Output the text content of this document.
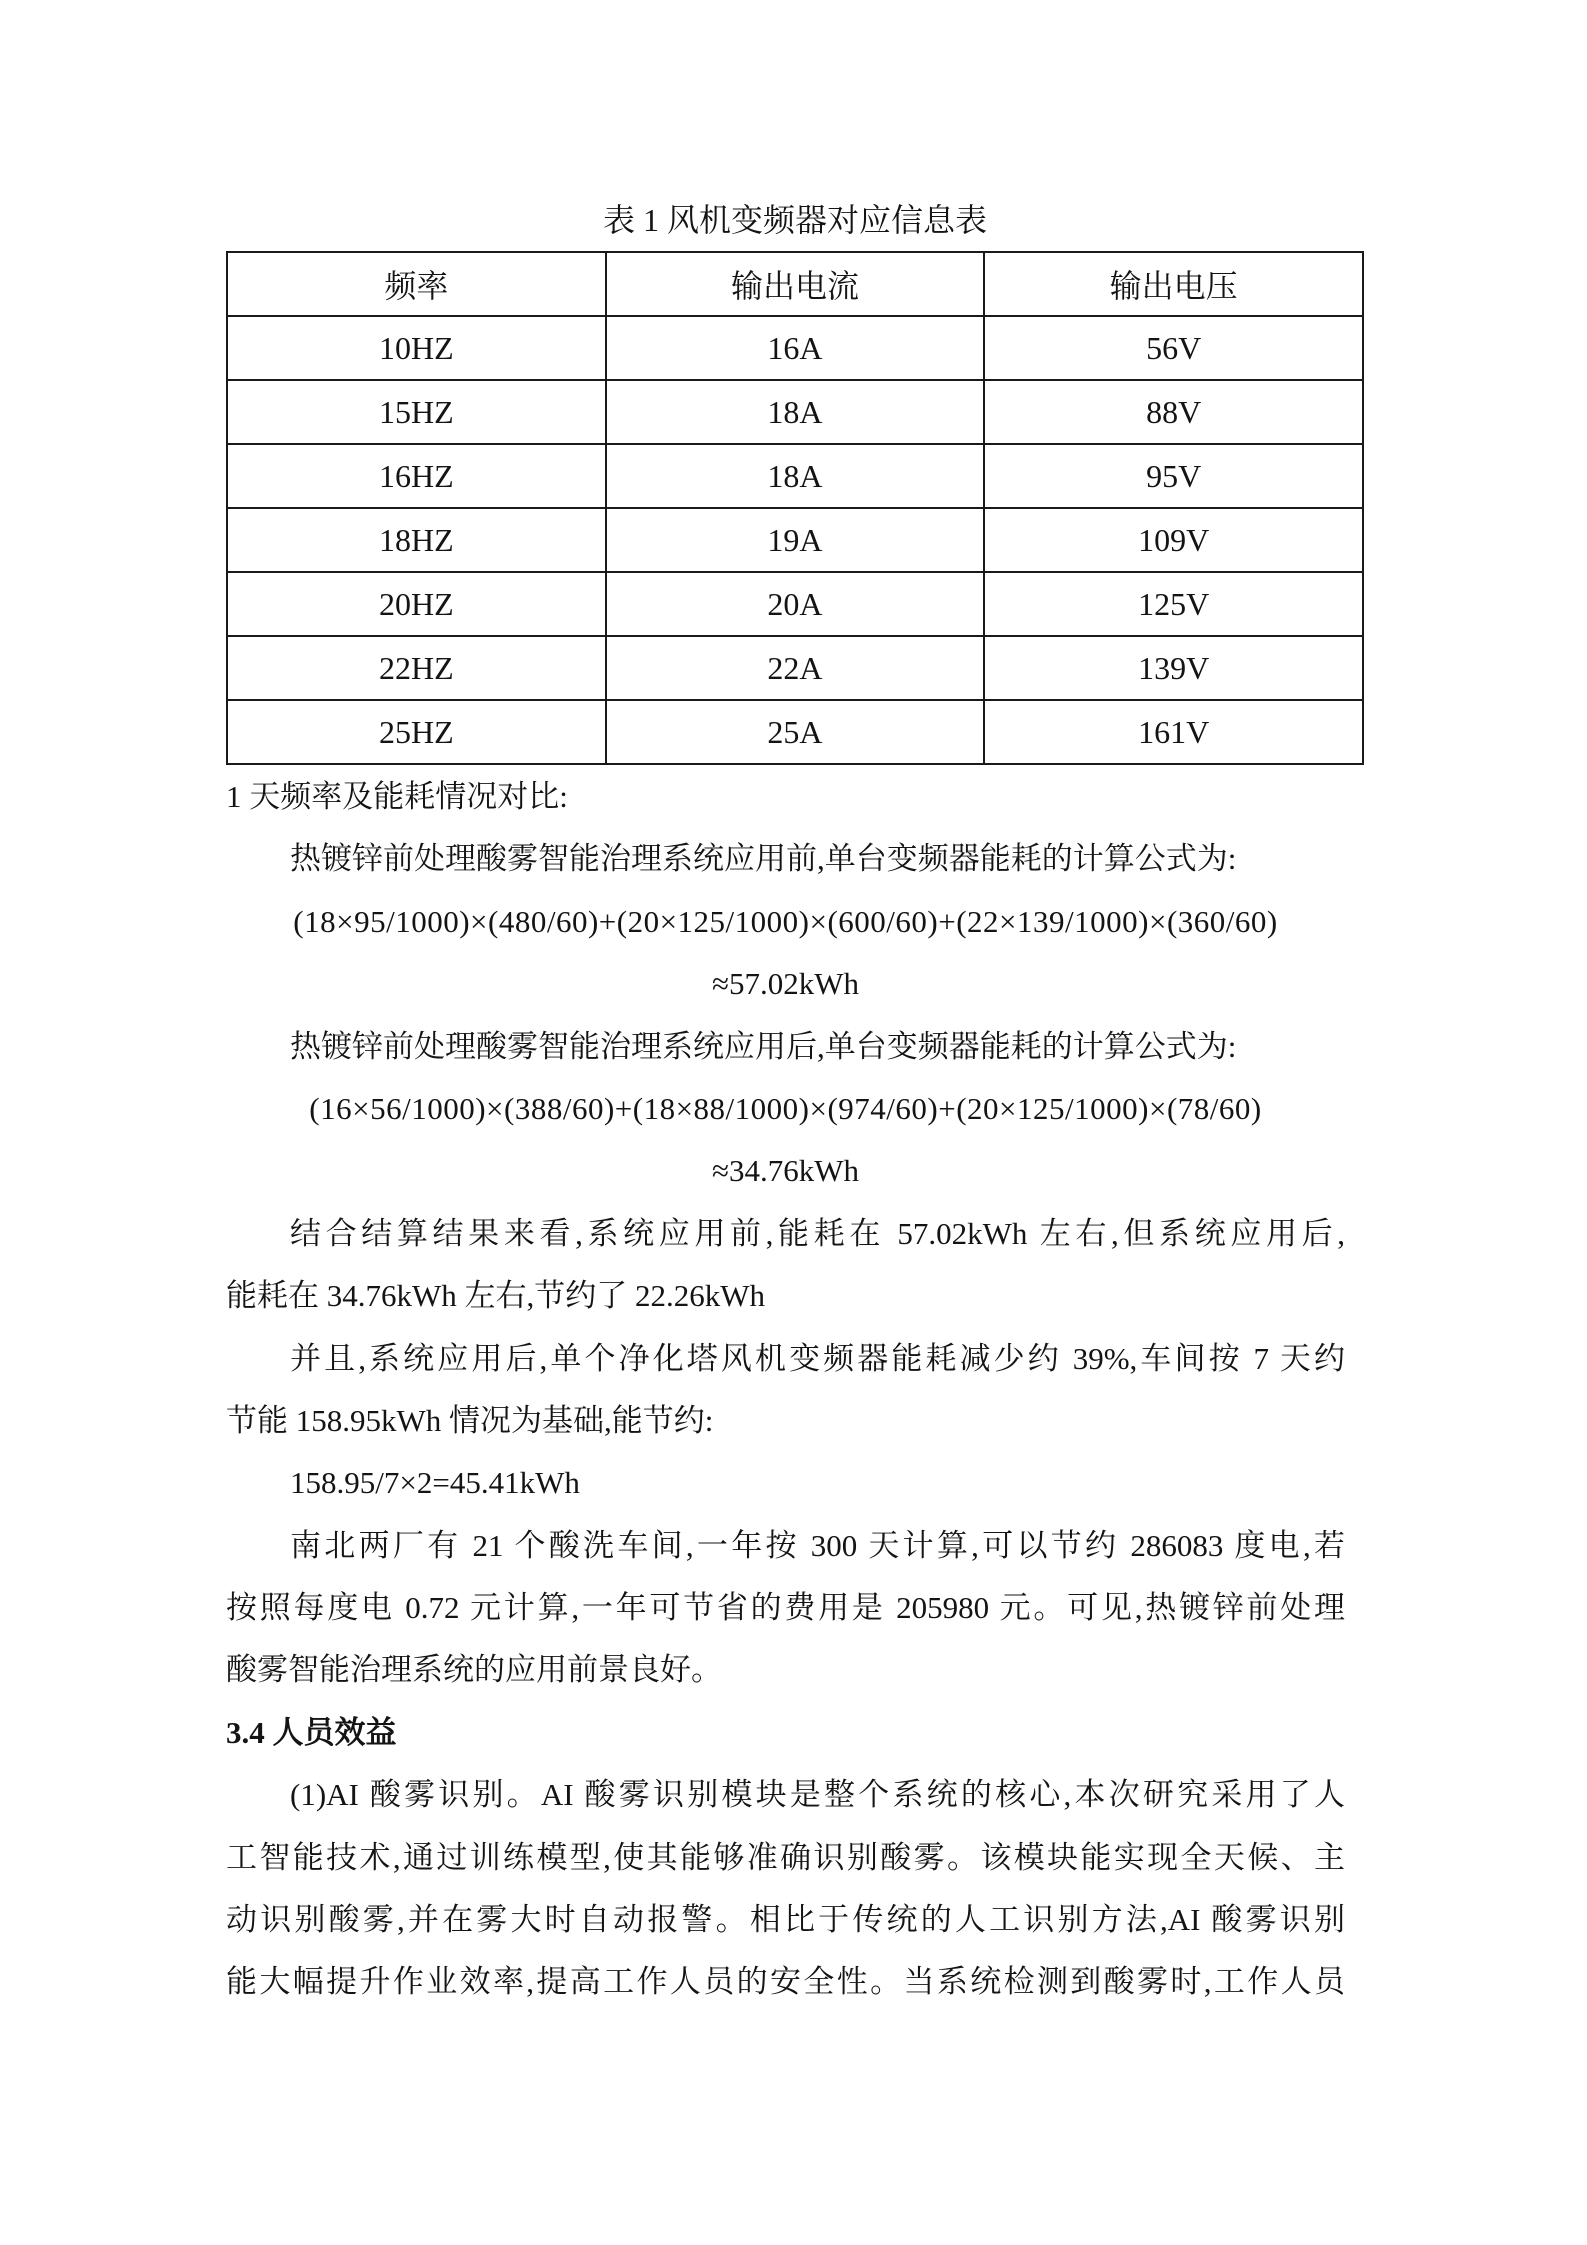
表 1 风机变频器对应信息表
频率	输出电流	输出电压
10HZ	16A	56V
15HZ	18A	88V
16HZ	18A	95V
18HZ	19A	109V
20HZ	20A	125V
22HZ	22A	139V
25HZ	25A	161V
1 天频率及能耗情况对比:
热镀锌前处理酸雾智能治理系统应用前,单台变频器能耗的计算公式为:
(18×95/1000)×(480/60)+(20×125/1000)×(600/60)+(22×139/1000)×(360/60)
≈57.02kWh
热镀锌前处理酸雾智能治理系统应用后,单台变频器能耗的计算公式为:
(16×56/1000)×(388/60)+(18×88/1000)×(974/60)+(20×125/1000)×(78/60)
≈34.76kWh
结合结算结果来看,系统应用前,能耗在 57.02kWh 左右,但系统应用后,
能耗在 34.76kWh 左右,节约了 22.26kWh
并且,系统应用后,单个净化塔风机变频器能耗减少约 39%,车间按 7 天约
节能 158.95kWh 情况为基础,能节约:
158.95/7×2=45.41kWh
南北两厂有 21 个酸洗车间,一年按 300 天计算,可以节约 286083 度电,若
按照每度电 0.72 元计算,一年可节省的费用是 205980 元。可见,热镀锌前处理
酸雾智能治理系统的应用前景良好。
3.4 人员效益
(1)AI 酸雾识别。AI 酸雾识别模块是整个系统的核心,本次研究采用了人
工智能技术,通过训练模型,使其能够准确识别酸雾。该模块能实现全天候、主
动识别酸雾,并在雾大时自动报警。相比于传统的人工识别方法,AI 酸雾识别
能大幅提升作业效率,提高工作人员的安全性。当系统检测到酸雾时,工作人员
